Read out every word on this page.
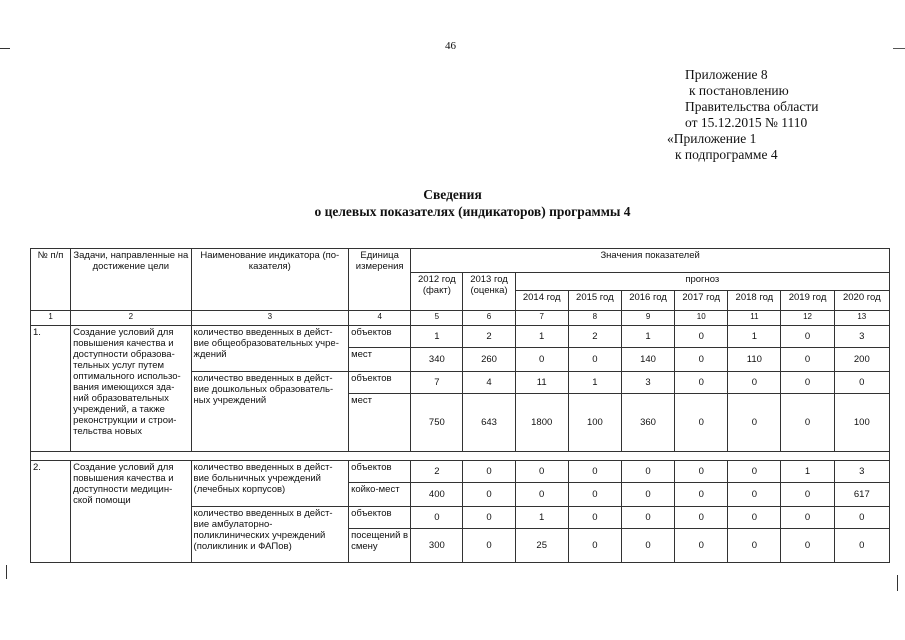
46
Приложение 8
к постановлению
Правительства области
от 15.12.2015 № 1110
«Приложение 1
к подпрограмме 4
Сведения
о целевых показателях (индикаторов) программы 4
№ п/п	Задачи, направленные на достижение цели	Наименование индикатора (по-казателя)	Единица измерения	Значения показателей								
				2012 год (факт)	2013 год (оценка)	прогноз						
						2014 год	2015 год	2016 год	2017 год	2018 год	2019 год	2020 год
1	2	3	4	5	6	7	8	9	10	11	12	13
1.	Создание условий для повышения качества и доступности образова-тельных услуг путем оптимального использо-вания имеющихся зда-ний образовательных учреждений, а также реконструкции и строи-тельства новых	количество введенных в дейст-вие общеобразовательных учре-ждений	объектов	1	2	1	2	1	0	1	0	3
			мест	340	260	0	0	140	0	110	0	200
		количество введенных в дейст-вие дошкольных образователь-ных учреждений	объектов	7	4	11	1	3	0	0	0	0
			мест	750	643	1800	100	360	0	0	0	100

2.	Создание условий для повышения качества и доступности медицин-ской помощи	количество введенных в дейст-вие больничных учреждений (лечебных корпусов)	объектов	2	0	0	0	0	0	0	1	3
			койко-мест	400	0	0	0	0	0	0	0	617
		количество введенных в дейст-вие амбулаторно-поликлинических учреждений (поликлиник и ФАПов)	объектов	0	0	1	0	0	0	0	0	0
			посещений в смену	300	0	25	0	0	0	0	0	0
